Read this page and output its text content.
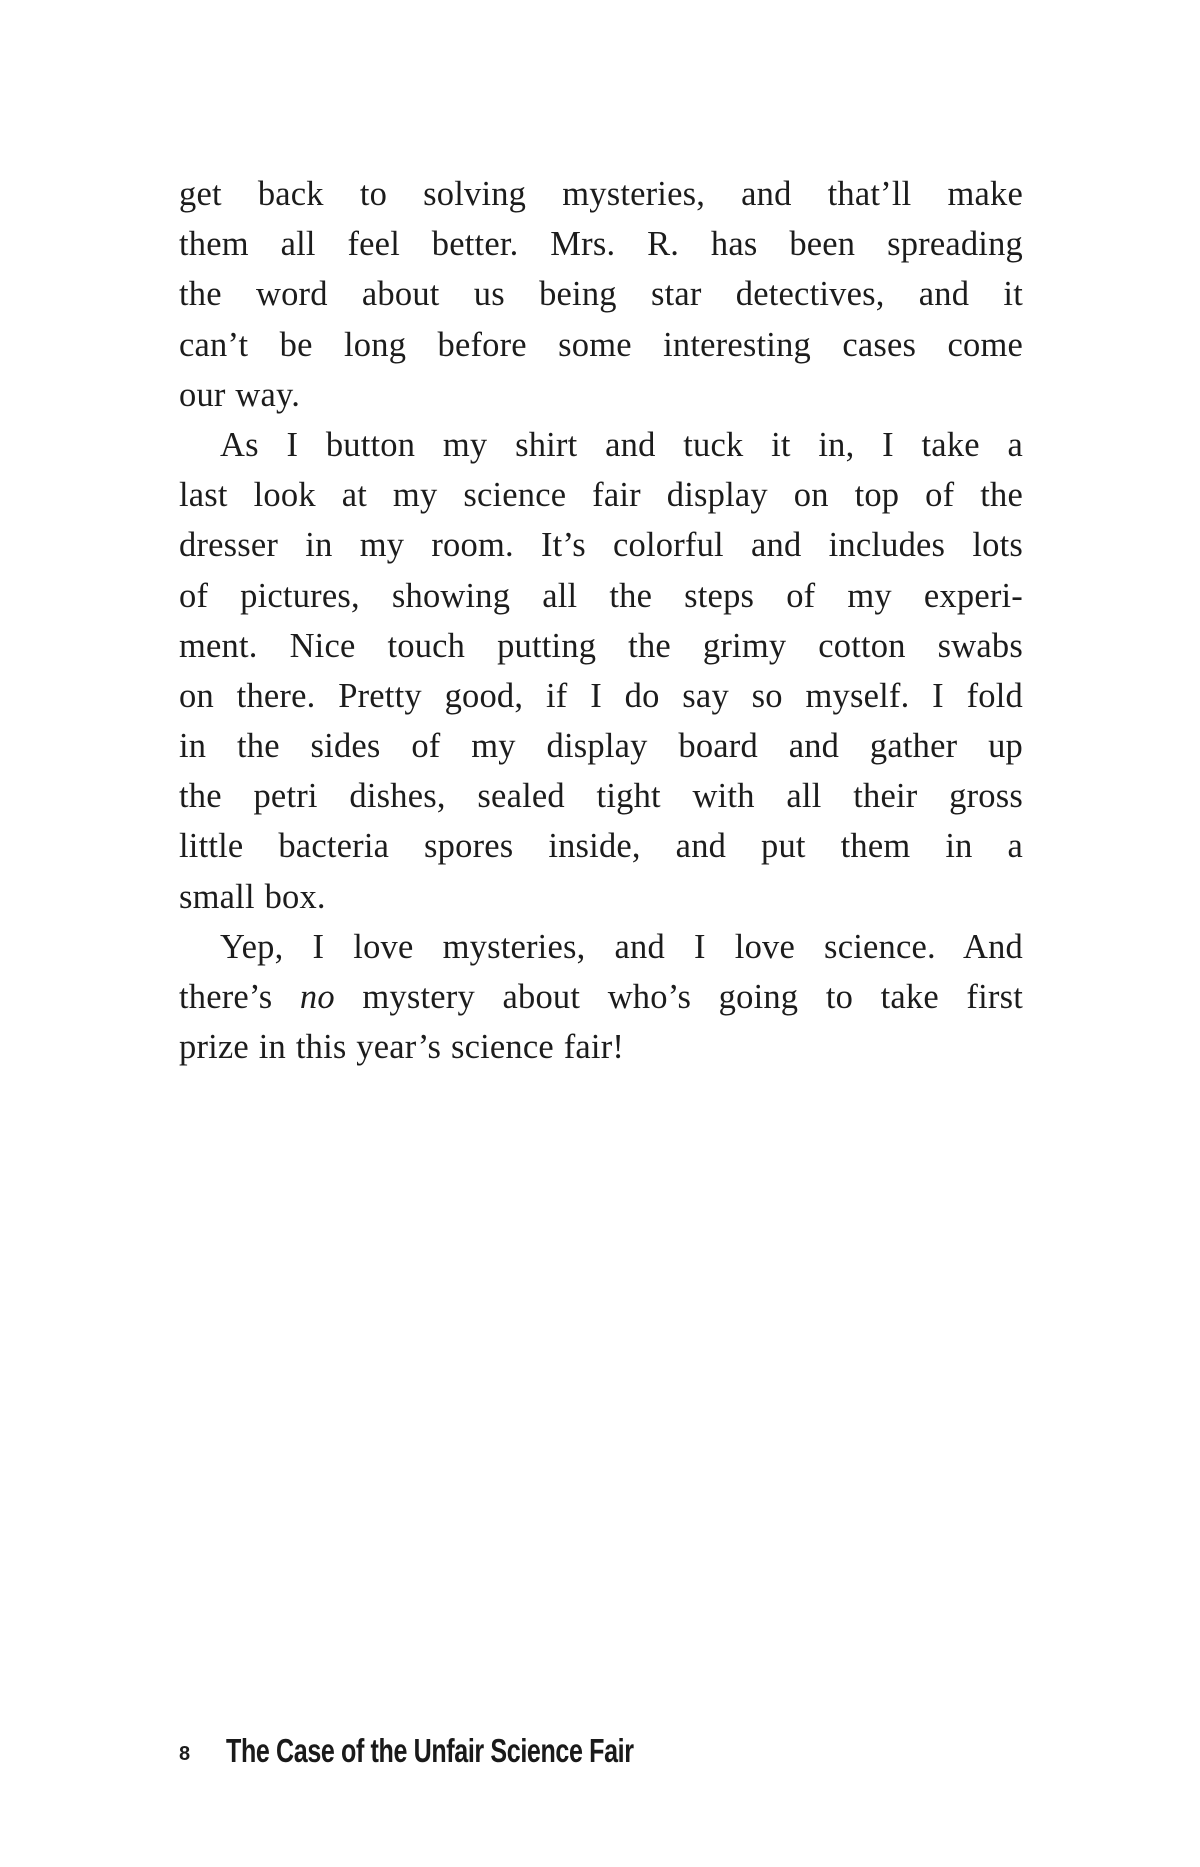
get back to solving mysteries, and that’ll make
them all feel better. Mrs. R. has been spreading
the word about us being star detectives, and it
can’t be long before some interesting cases come
our way.
As I button my shirt and tuck it in, I take a
last look at my science fair display on top of the
dresser in my room. It’s colorful and includes lots
of pictures, showing all the steps of my experi-
ment. Nice touch putting the grimy cotton swabs
on there. Pretty good, if I do say so myself. I fold
in the sides of my display board and gather up
the petri dishes, sealed tight with all their gross
little bacteria spores inside, and put them in a
small box.
Yep, I love mysteries, and I love science. And
there’s no mystery about who’s going to take first
prize in this year’s science fair!
8	The Case of the Unfair Science Fair
